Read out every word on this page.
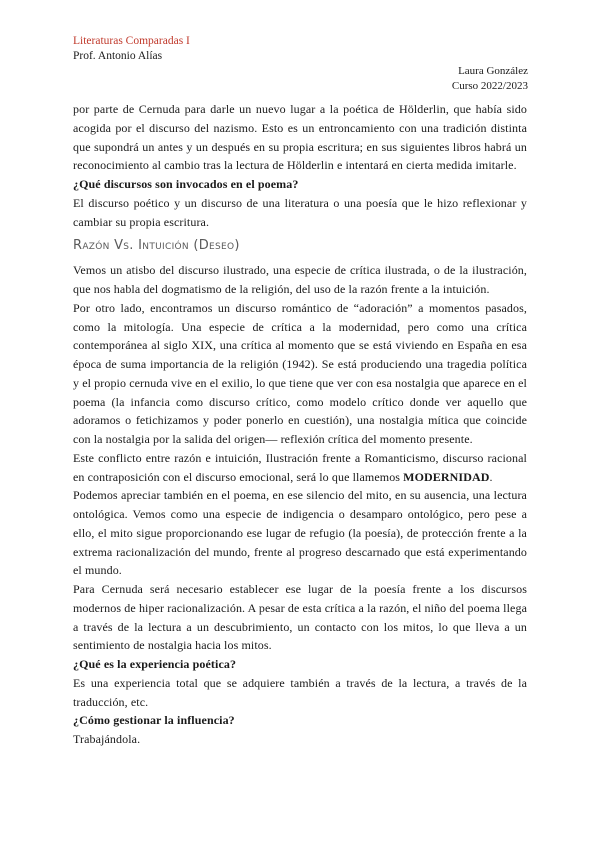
Literaturas Comparadas I
Prof. Antonio Alías
Laura González
Curso 2022/2023

por parte de Cernuda para darle un nuevo lugar a la poética de Hölderlin, que había sido acogida por el discurso del nazismo. Esto es un entroncamiento con una tradición distinta que supondrá un antes y un después en su propia escritura; en sus siguientes libros habrá un reconocimiento al cambio tras la lectura de Hölderlin e intentará en cierta medida imitarle.

¿Qué discursos son invocados en el poema?

El discurso poético y un discurso de una literatura o una poesía que le hizo reflexionar y cambiar su propia escritura.

Razón Vs. Intuición (Deseo)

Vemos un atisbo del discurso ilustrado, una especie de crítica ilustrada, o de la ilustración, que nos habla del dogmatismo de la religión, del uso de la razón frente a la intuición.

Por otro lado, encontramos un discurso romántico de “adoración” a momentos pasados, como la mitología. Una especie de crítica a la modernidad, pero como una crítica contemporánea al siglo XIX, una crítica al momento que se está viviendo en España en esa época de suma importancia de la religión (1942). Se está produciendo una tragedia política y el propio cernuda vive en el exilio, lo que tiene que ver con esa nostalgia que aparece en el poema (la infancia como discurso crítico, como modelo crítico donde ver aquello que adoramos o fetichizamos y poder ponerlo en cuestión), una nostalgia mítica que coincide con la nostalgia por la salida del origen— reflexión crítica del momento presente.

Este conflicto entre razón e intuición, Ilustración frente a Romanticismo, discurso racional en contraposición con el discurso emocional, será lo que llamemos MODERNIDAD.

Podemos apreciar también en el poema, en ese silencio del mito, en su ausencia, una lectura ontológica. Vemos como una especie de indigencia o desamparo ontológico, pero pese a ello, el mito sigue proporcionando ese lugar de refugio (la poesía), de protección frente a la extrema racionalización del mundo, frente al progreso descarnado que está experimentando el mundo.

Para Cernuda será necesario establecer ese lugar de la poesía frente a los discursos modernos de hiper racionalización. A pesar de esta crítica a la razón, el niño del poema llega a través de la lectura a un descubrimiento, un contacto con los mitos, lo que lleva a un sentimiento de nostalgia hacia los mitos.

¿Qué es la experiencia poética?

Es una experiencia total que se adquiere también a través de la lectura, a través de la traducción, etc.

¿Cómo gestionar la influencia?

Trabajándola.
